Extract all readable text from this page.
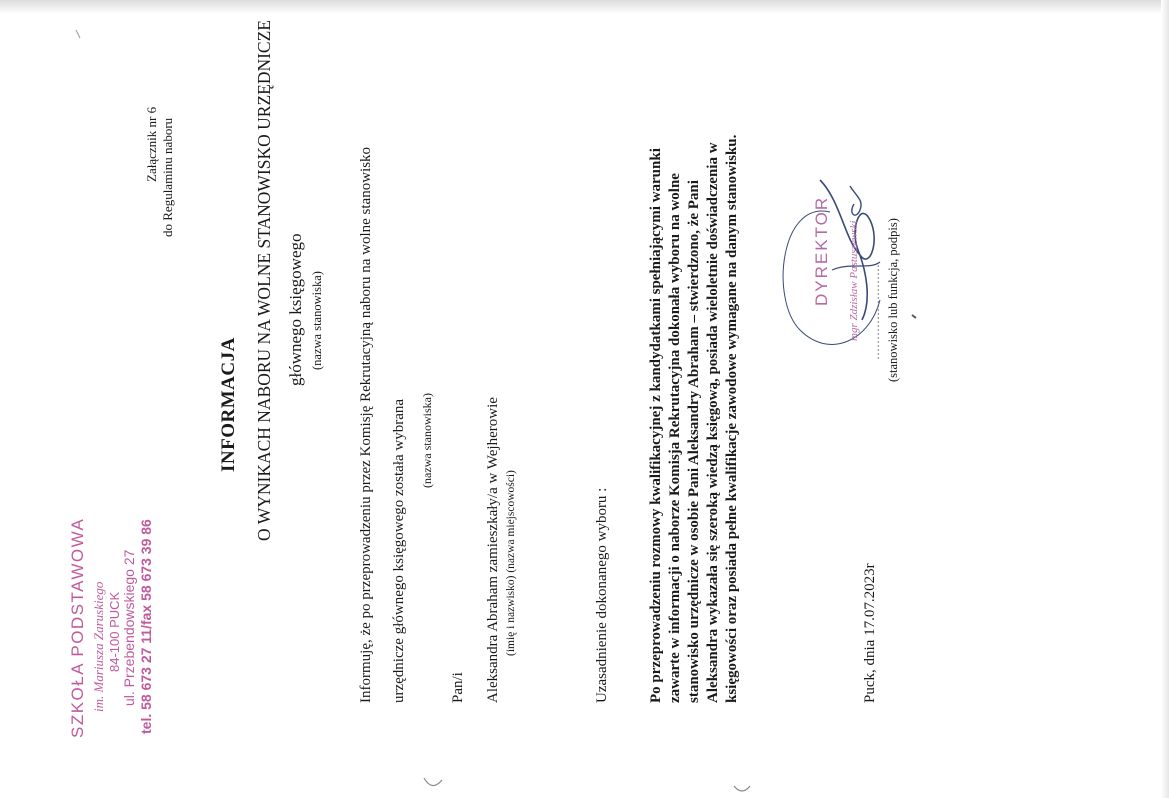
Załącznik nr 6 do Regulaminu naboru
INFORMACJA O WYNIKACH NABORU NA WOLNE STANOWISKO URZĘDNICZE głównego księgowego (nazwa stanowiska) Informuję, że po przeprowadzeniu przez Komisję Rekrutacyjną naboru na wolne stanowisko urzędnicze głównego księgowego została wybrana (nazwa stanowiska)
Pan/i Aleksandra Abraham zamieszkały/a w Wejherowie (imię i nazwisko) (nazwa miejscowości)	Uzasadnienie dokonanego wyboru :	Po przeprowadzeniu rozmowy kwalifikacyjnej z kandydatkami spełniającymi warunki zawarte w informacji o naborze Komisja Rekrutacyjna dokonała wyboru na wolne stanowisko urzędnicze w osobie Pani Aleksandry Abraham – stwierdzono, że Pani Aleksandra wykazała się szeroką wiedzą księgową, posiada wieloletnie doświadczenia w księgowości oraz posiada pełne kwalifikacje zawodowe wymagane na danym stanowisku.	Puck, dnia 17.07.2023r
…………………… (stanowisko lub funkcja, podpis)
SZKOŁA PODSTAWOWA im. Mariusza Zaruskiego 84-100 PUCK ul. Przebendowskiego 27 tel. 58 673 27 11/fax 58 673 39 86
DYREKTOR mgr Zdzisław Pastuszewski
